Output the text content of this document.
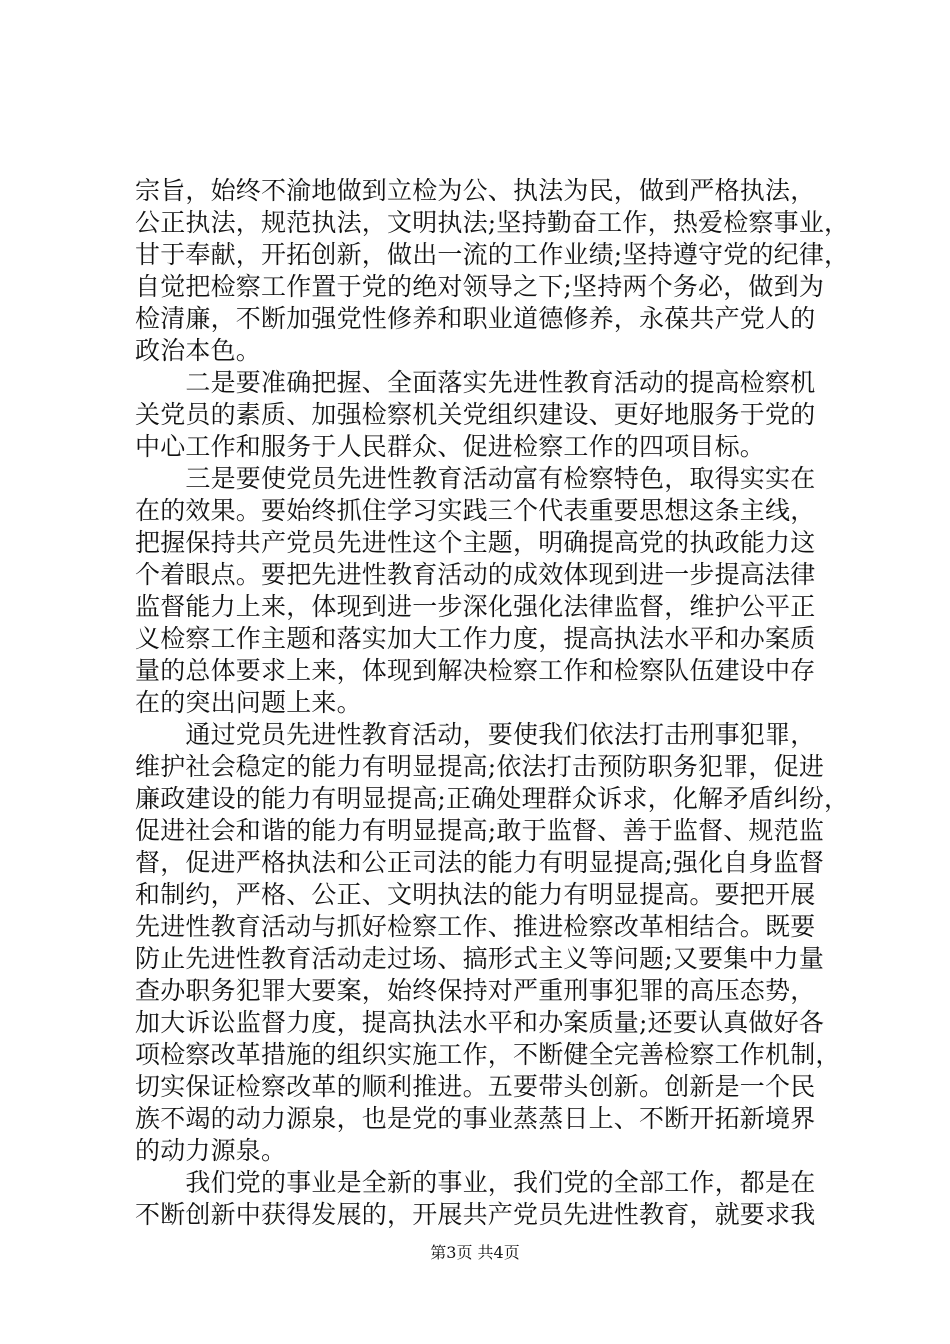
宗旨，始终不渝地做到立检为公、执法为民，做到严格执法，
公正执法，规范执法，文明执法;坚持勤奋工作，热爱检察事业，
甘于奉献，开拓创新，做出一流的工作业绩;坚持遵守党的纪律，
自觉把检察工作置于党的绝对领导之下;坚持两个务必，做到为
检清廉，不断加强党性修养和职业道德修养，永葆共产党人的
政治本色。
　　二是要准确把握、全面落实先进性教育活动的提高检察机
关党员的素质、加强检察机关党组织建设、更好地服务于党的
中心工作和服务于人民群众、促进检察工作的四项目标。
　　三是要使党员先进性教育活动富有检察特色，取得实实在
在的效果。要始终抓住学习实践三个代表重要思想这条主线，
把握保持共产党员先进性这个主题，明确提高党的执政能力这
个着眼点。要把先进性教育活动的成效体现到进一步提高法律
监督能力上来，体现到进一步深化强化法律监督，维护公平正
义检察工作主题和落实加大工作力度，提高执法水平和办案质
量的总体要求上来，体现到解决检察工作和检察队伍建设中存
在的突出问题上来。
　　通过党员先进性教育活动，要使我们依法打击刑事犯罪，
维护社会稳定的能力有明显提高;依法打击预防职务犯罪，促进
廉政建设的能力有明显提高;正确处理群众诉求，化解矛盾纠纷，
促进社会和谐的能力有明显提高;敢于监督、善于监督、规范监
督，促进严格执法和公正司法的能力有明显提高;强化自身监督
和制约，严格、公正、文明执法的能力有明显提高。要把开展
先进性教育活动与抓好检察工作、推进检察改革相结合。既要
防止先进性教育活动走过场、搞形式主义等问题;又要集中力量
查办职务犯罪大要案，始终保持对严重刑事犯罪的高压态势，
加大诉讼监督力度，提高执法水平和办案质量;还要认真做好各
项检察改革措施的组织实施工作，不断健全完善检察工作机制，
切实保证检察改革的顺利推进。五要带头创新。创新是一个民
族不竭的动力源泉，也是党的事业蒸蒸日上、不断开拓新境界
的动力源泉。
　　我们党的事业是全新的事业，我们党的全部工作，都是在
不断创新中获得发展的，开展共产党员先进性教育，就要求我
第3页 共4页
